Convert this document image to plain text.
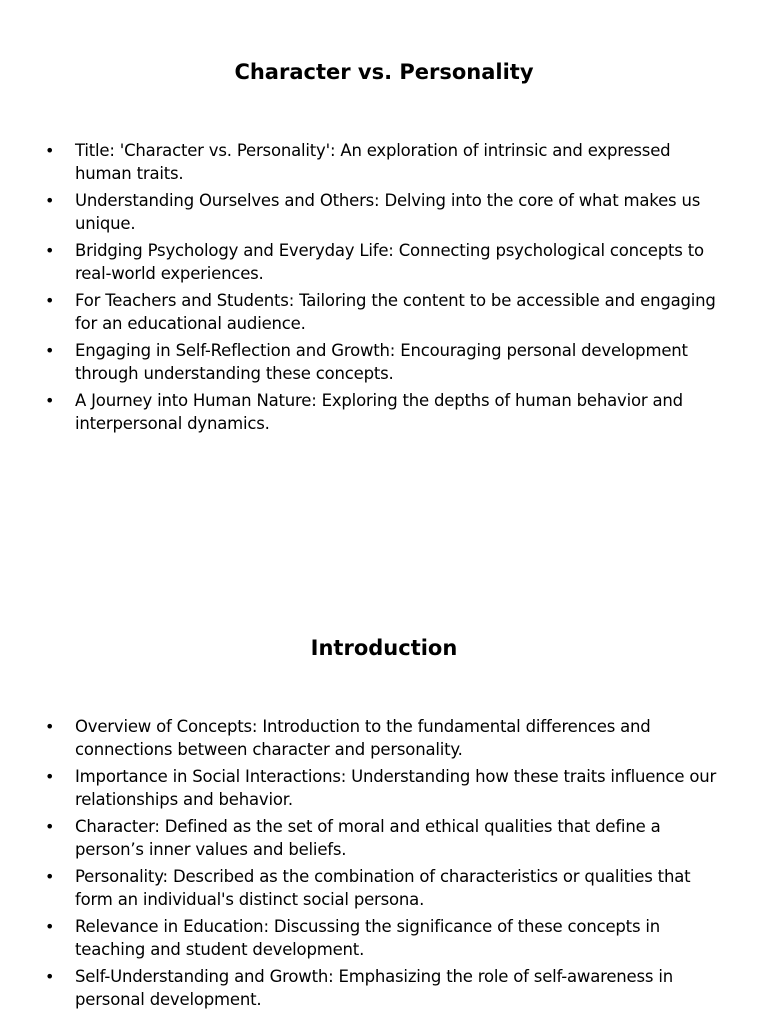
Character vs. Personality
• Title: 'Character vs. Personality': An exploration of intrinsic and expressed human traits.
• Understanding Ourselves and Others: Delving into the core of what makes us unique.
• Bridging Psychology and Everyday Life: Connecting psychological concepts to real-world experiences.
• For Teachers and Students: Tailoring the content to be accessible and engaging for an educational audience.
• Engaging in Self-Reflection and Growth: Encouraging personal development through understanding these concepts.
• A Journey into Human Nature: Exploring the depths of human behavior and interpersonal dynamics.
Introduction
• Overview of Concepts: Introduction to the fundamental differences and connections between character and personality.
• Importance in Social Interactions: Understanding how these traits influence our relationships and behavior.
• Character: Defined as the set of moral and ethical qualities that define a person’s inner values and beliefs.
• Personality: Described as the combination of characteristics or qualities that form an individual's distinct social persona.
• Relevance in Education: Discussing the significance of these concepts in teaching and student development.
• Self-Understanding and Growth: Emphasizing the role of self-awareness in personal development.
